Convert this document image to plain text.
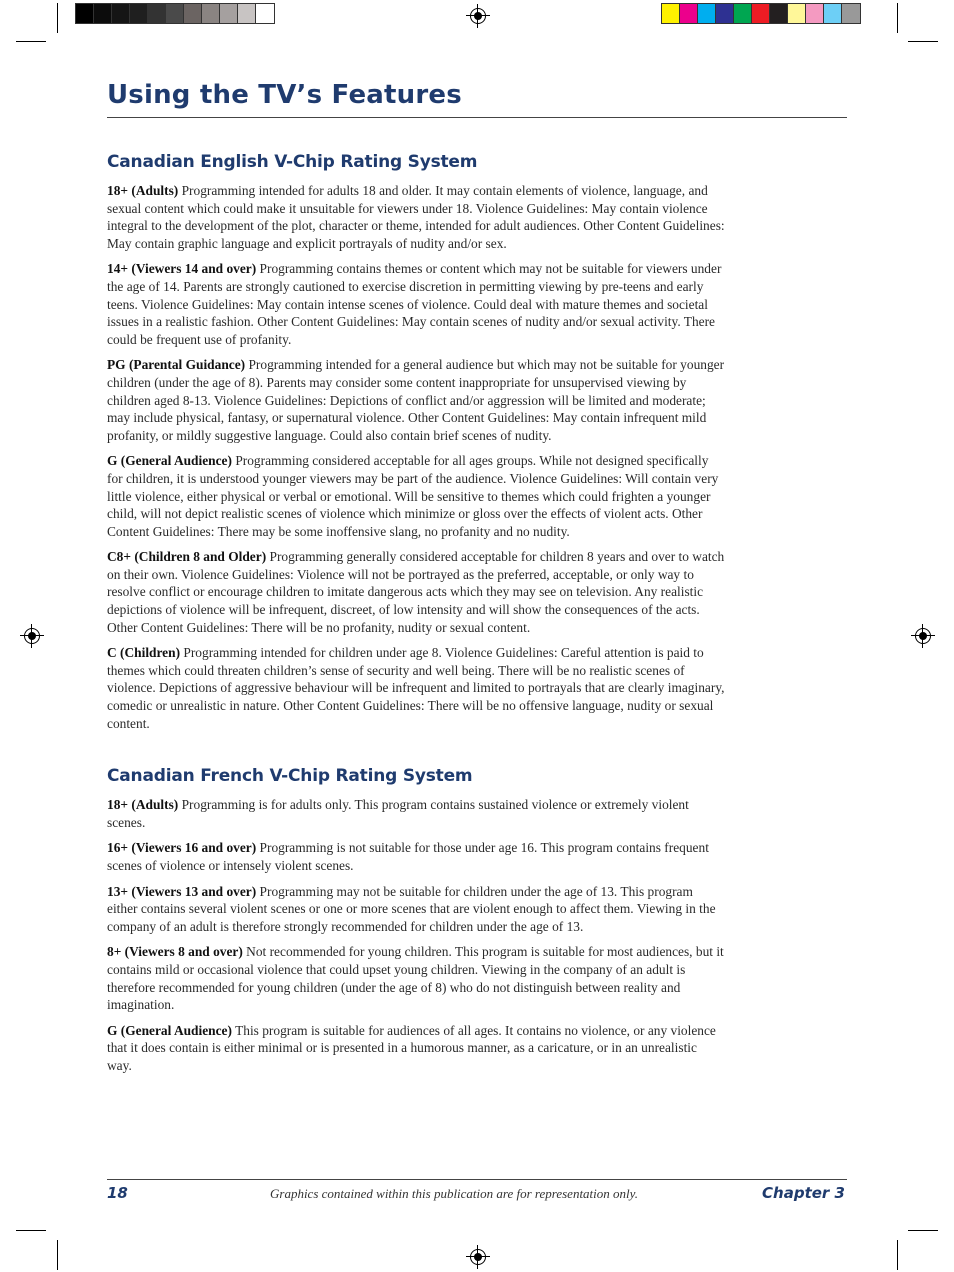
Using the TV’s Features
Canadian English V-Chip Rating System

18+ (Adults) Programming intended for adults 18 and older. It may contain elements of violence, language, and sexual content which could make it unsuitable for viewers under 18. Violence Guidelines: May contain violence integral to the development of the plot, character or theme, intended for adult audiences. Other Content Guidelines: May contain graphic language and explicit portrayals of nudity and/or sex.

14+ (Viewers 14 and over) Programming contains themes or content which may not be suitable for viewers under the age of 14. Parents are strongly cautioned to exercise discretion in permitting viewing by pre-teens and early teens. Violence Guidelines: May contain intense scenes of violence. Could deal with mature themes and societal issues in a realistic fashion. Other Content Guidelines: May contain scenes of nudity and/or sexual activity. There could be frequent use of profanity.

PG (Parental Guidance) Programming intended for a general audience but which may not be suitable for younger children (under the age of 8). Parents may consider some content inappropriate for unsupervised viewing by children aged 8-13. Violence Guidelines: Depictions of conflict and/or aggression will be limited and moderate; may include physical, fantasy, or supernatural violence. Other Content Guidelines: May contain infrequent mild profanity, or mildly suggestive language. Could also contain brief scenes of nudity.

G (General Audience) Programming considered acceptable for all ages groups. While not designed specifically for children, it is understood younger viewers may be part of the audience. Violence Guidelines: Will contain very little violence, either physical or verbal or emotional. Will be sensitive to themes which could frighten a younger child, will not depict realistic scenes of violence which minimize or gloss over the effects of violent acts. Other Content Guidelines: There may be some inoffensive slang, no profanity and no nudity.

C8+ (Children 8 and Older) Programming generally considered acceptable for children 8 years and over to watch on their own. Violence Guidelines: Violence will not be portrayed as the preferred, acceptable, or only way to resolve conflict or encourage children to imitate dangerous acts which they may see on television. Any realistic depictions of violence will be infrequent, discreet, of low intensity and will show the consequences of the acts. Other Content Guidelines: There will be no profanity, nudity or sexual content.

C (Children) Programming intended for children under age 8. Violence Guidelines: Careful attention is paid to themes which could threaten children’s sense of security and well being. There will be no realistic scenes of violence. Depictions of aggressive behaviour will be infrequent and limited to portrayals that are clearly imaginary, comedic or unrealistic in nature. Other Content Guidelines: There will be no offensive language, nudity or sexual content.

Canadian French V-Chip Rating System

18+ (Adults) Programming is for adults only. This program contains sustained violence or extremely violent scenes.

16+ (Viewers 16 and over) Programming is not suitable for those under age 16. This program contains frequent scenes of violence or intensely violent scenes.

13+ (Viewers 13 and over) Programming may not be suitable for children under the age of 13. This program either contains several violent scenes or one or more scenes that are violent enough to affect them. Viewing in the company of an adult is therefore strongly recommended for children under the age of 13.

8+ (Viewers 8 and over) Not recommended for young children. This program is suitable for most audiences, but it contains mild or occasional violence that could upset young children. Viewing in the company of an adult is therefore recommended for young children (under the age of 8) who do not distinguish between reality and imagination.

G (General Audience) This program is suitable for audiences of all ages. It contains no violence, or any violence that it does contain is either minimal or is presented in a humorous manner, as a caricature, or in an unrealistic way.

18	Graphics contained within this publication are for representation only.	Chapter 3
